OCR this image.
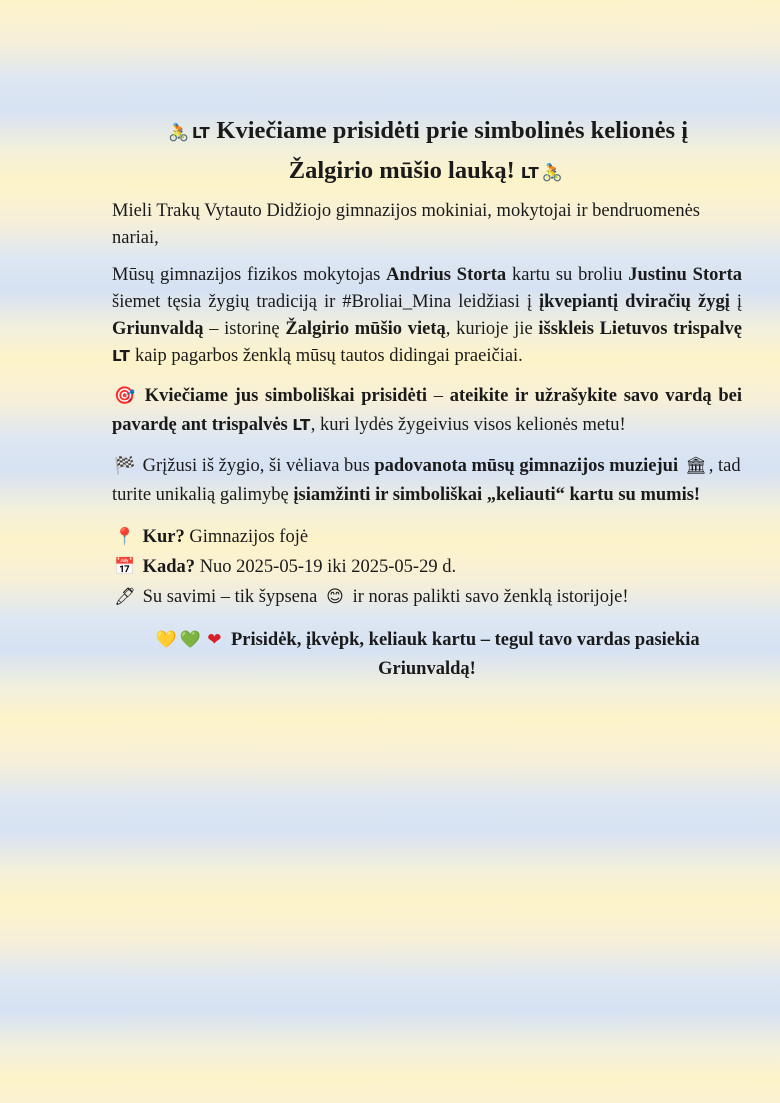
🚴 LT Kviečiame prisidėti prie simbolinės kelionės į
Žalgirio mūšio lauką! LT 🚴

Mieli Trakų Vytauto Didžiojo gimnazijos mokiniai, mokytojai ir bendruomenės nariai,

Mūsų gimnazijos fizikos mokytojas Andrius Storta kartu su broliu Justinu Storta šiemet tęsia žygių tradiciją ir #Broliai_Mina leidžiasi į įkvepiantį dviračių žygį į Griunvaldą – istorinę Žalgirio mūšio vietą, kurioje jie išskleis Lietuvos trispalvę LT kaip pagarbos ženklą mūsų tautos didingai praeičiai.

🎯 Kviečiame jus simboliškai prisidėti – ateikite ir užrašykite savo vardą bei pavardę ant trispalvės LT, kuri lydės žygeivius visos kelionės metu!

🏁 Grįžusi iš žygio, ši vėliava bus padovanota mūsų gimnazijos muziejui 🏛 , tad turite unikalią galimybę įsiamžinti ir simboliškai „keliauti“ kartu su mumis!

📍 Kur? Gimnazijos fojė
📅 Kada? Nuo 2025-05-19 iki 2025-05-29 d.
🖊 Su savimi – tik šypsena 😊 ir noras palikti savo ženklą istorijoje!
💛 💚 ❤ Prisidėk, įkvėpk, keliauk kartu – tegul tavo vardas pasiekia Griunvaldą!
